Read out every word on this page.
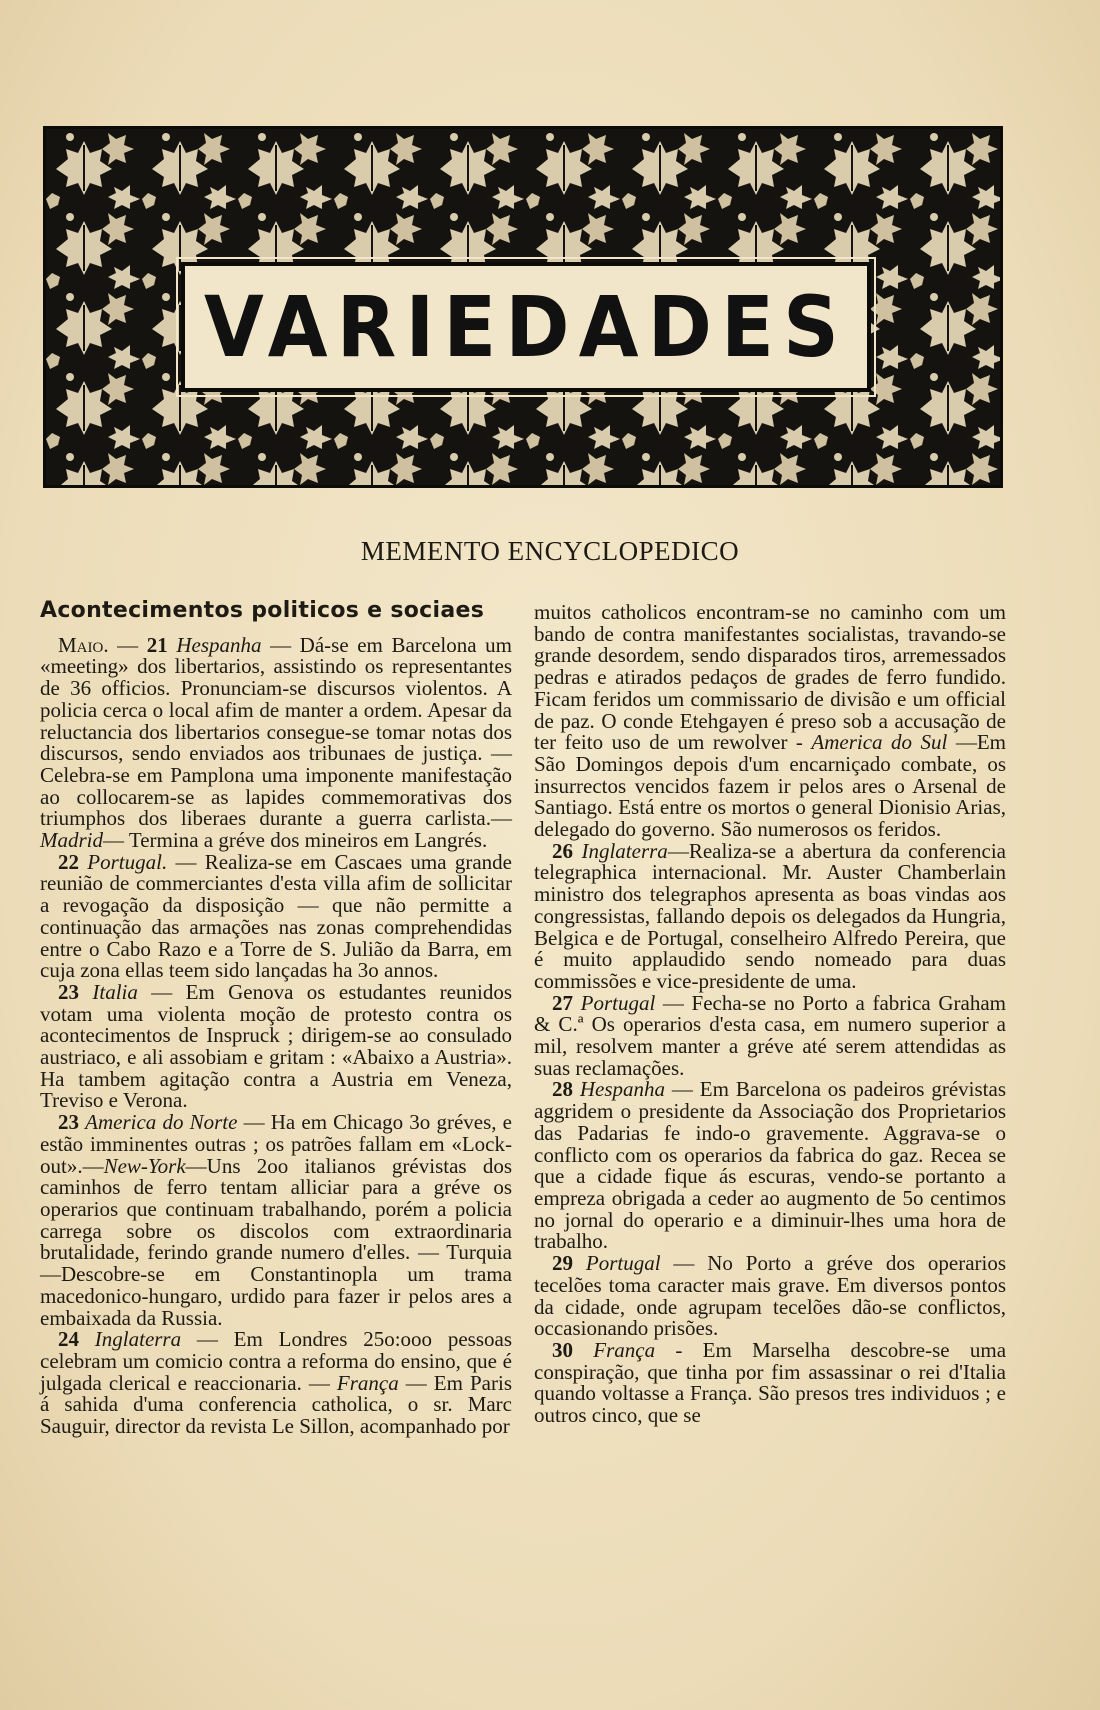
VARIEDADES
MEMENTO ENCYCLOPEDICO
Acontecimentos politicos e sociaes

Maio. — 21 Hespanha — Dá-se em Barcelona um «meeting» dos libertarios, assistindo os representantes de 36 officios. Pronunciam-se discursos violentos. A policia cerca o local afim de manter a ordem. Apesar da reluctancia dos libertarios consegue-se tomar notas dos discursos, sendo enviados aos tribunaes de justiça. — Celebra-se em Pamplona uma imponente manifestação ao collocarem-se as lapides commemorativas dos triumphos dos liberaes durante a guerra carlista.—Madrid— Termina a gréve dos mineiros em Langrés.

22 Portugal. — Realiza-se em Cascaes uma grande reunião de commerciantes d'esta villa afim de sollicitar a revogação da disposição — que não permitte a continuação das armações nas zonas comprehendidas entre o Cabo Razo e a Torre de S. Julião da Barra, em cuja zona ellas teem sido lançadas ha 3o annos.

23 Italia — Em Genova os estudantes reunidos votam uma violenta moção de protesto contra os acontecimentos de Inspruck ; dirigem-se ao consulado austriaco, e ali assobiam e gritam : «Abaixo a Austria». Ha tambem agitação contra a Austria em Veneza, Treviso e Verona.

23 America do Norte — Ha em Chicago 3o gréves, e estão imminentes outras ; os patrões fallam em «Lock-out».—New-York—Uns 2oo italianos grévistas dos caminhos de ferro tentam alliciar para a gréve os operarios que continuam trabalhando, porém a policia carrega sobre os discolos com extraordinaria brutalidade, ferindo grande numero d'elles. — Turquia—Descobre-se em Constantinopla um trama macedonico-hungaro, urdido para fazer ir pelos ares a embaixada da Russia.

24 Inglaterra — Em Londres 25o:ooo pessoas celebram um comicio contra a reforma do ensino, que é julgada clerical e reaccionaria. — França — Em Paris á sahida d'uma conferencia catholica, o sr. Marc Sauguir, director da revista Le Sillon, acompanhado por

muitos catholicos encontram-se no caminho com um bando de contra manifestantes socialistas, travando-se grande desordem, sendo disparados tiros, arremessados pedras e atirados pedaços de grades de ferro fundido. Ficam feridos um commissario de divisão e um official de paz. O conde Etehgayen é preso sob a accusação de ter feito uso de um rewolver - America do Sul —Em São Domingos depois d'um encarniçado combate, os insurrectos vencidos fazem ir pelos ares o Arsenal de Santiago. Está entre os mortos o general Dionisio Arias, delegado do governo. São numerosos os feridos.

26 Inglaterra—Realiza-se a abertura da conferencia telegraphica internacional. Mr. Auster Chamberlain ministro dos telegraphos apresenta as boas vindas aos congressistas, fallando depois os delegados da Hungria, Belgica e de Portugal, conselheiro Alfredo Pereira, que é muito applaudido sendo nomeado para duas commissões e vice-presidente de uma.

27 Portugal — Fecha-se no Porto a fabrica Graham & C.ª Os operarios d'esta casa, em numero superior a mil, resolvem manter a gréve até serem attendidas as suas reclamações.

28 Hespanha — Em Barcelona os padeiros grévistas aggridem o presidente da Associação dos Proprietarios das Padarias fe indo-o gravemente. Aggrava-se o conflicto com os operarios da fabrica do gaz. Recea se que a cidade fique ás escuras, vendo-se portanto a empreza obrigada a ceder ao augmento de 5o centimos no jornal do operario e a diminuir-lhes uma hora de trabalho.

29 Portugal — No Porto a gréve dos operarios tecelões toma caracter mais grave. Em diversos pontos da cidade, onde agrupam tecelões dão-se conflictos, occasionando prisões.

30 França - Em Marselha descobre-se uma conspiração, que tinha por fim assassinar o rei d'Italia quando voltasse a França. São presos tres individuos ; e outros cinco, que se
